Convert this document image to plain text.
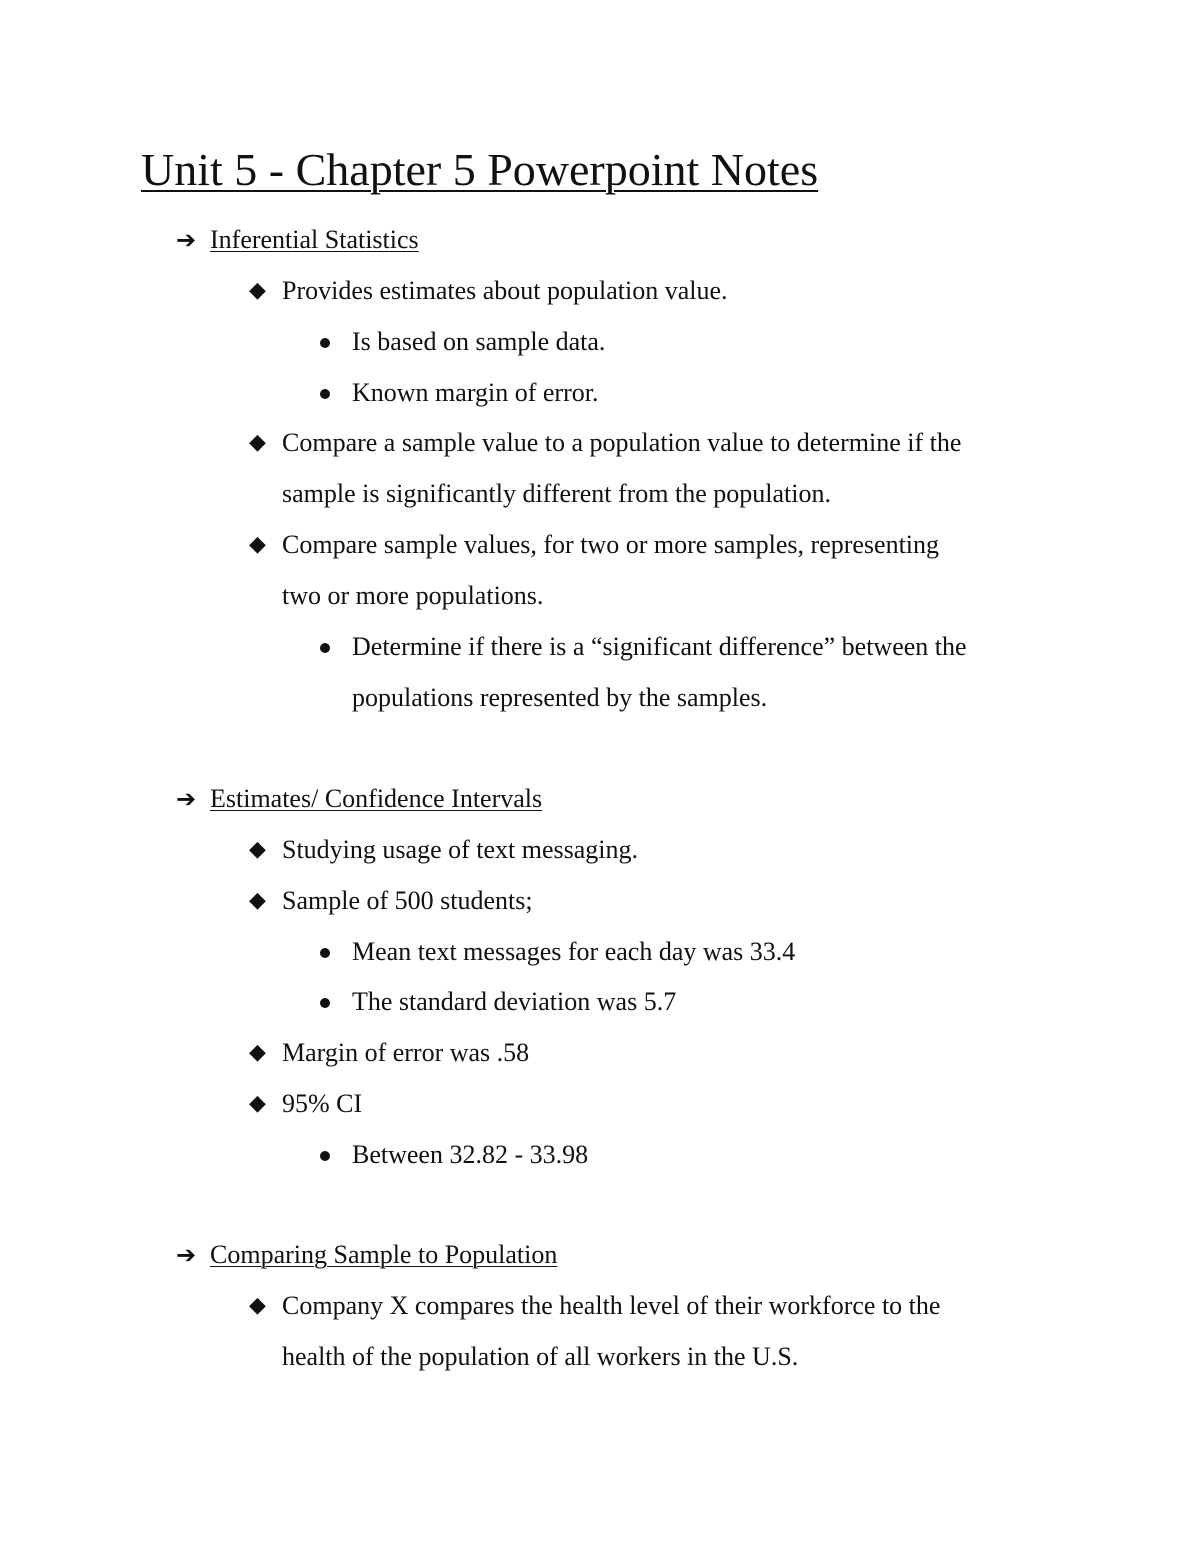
Unit 5 - Chapter 5 Powerpoint Notes
➔ Inferential Statistics
◆ Provides estimates about population value.
Is based on sample data.
Known margin of error.
◆ Compare a sample value to a population value to determine if the
sample is significantly different from the population.
◆ Compare sample values, for two or more samples, representing
two or more populations.
Determine if there is a “significant difference” between the
populations represented by the samples.
➔ Estimates/ Confidence Intervals
◆ Studying usage of text messaging.
◆ Sample of 500 students;
Mean text messages for each day was 33.4
The standard deviation was 5.7
◆ Margin of error was .58
◆ 95% CI
Between 32.82 - 33.98
➔ Comparing Sample to Population
◆ Company X compares the health level of their workforce to the
health of the population of all workers in the U.S.
